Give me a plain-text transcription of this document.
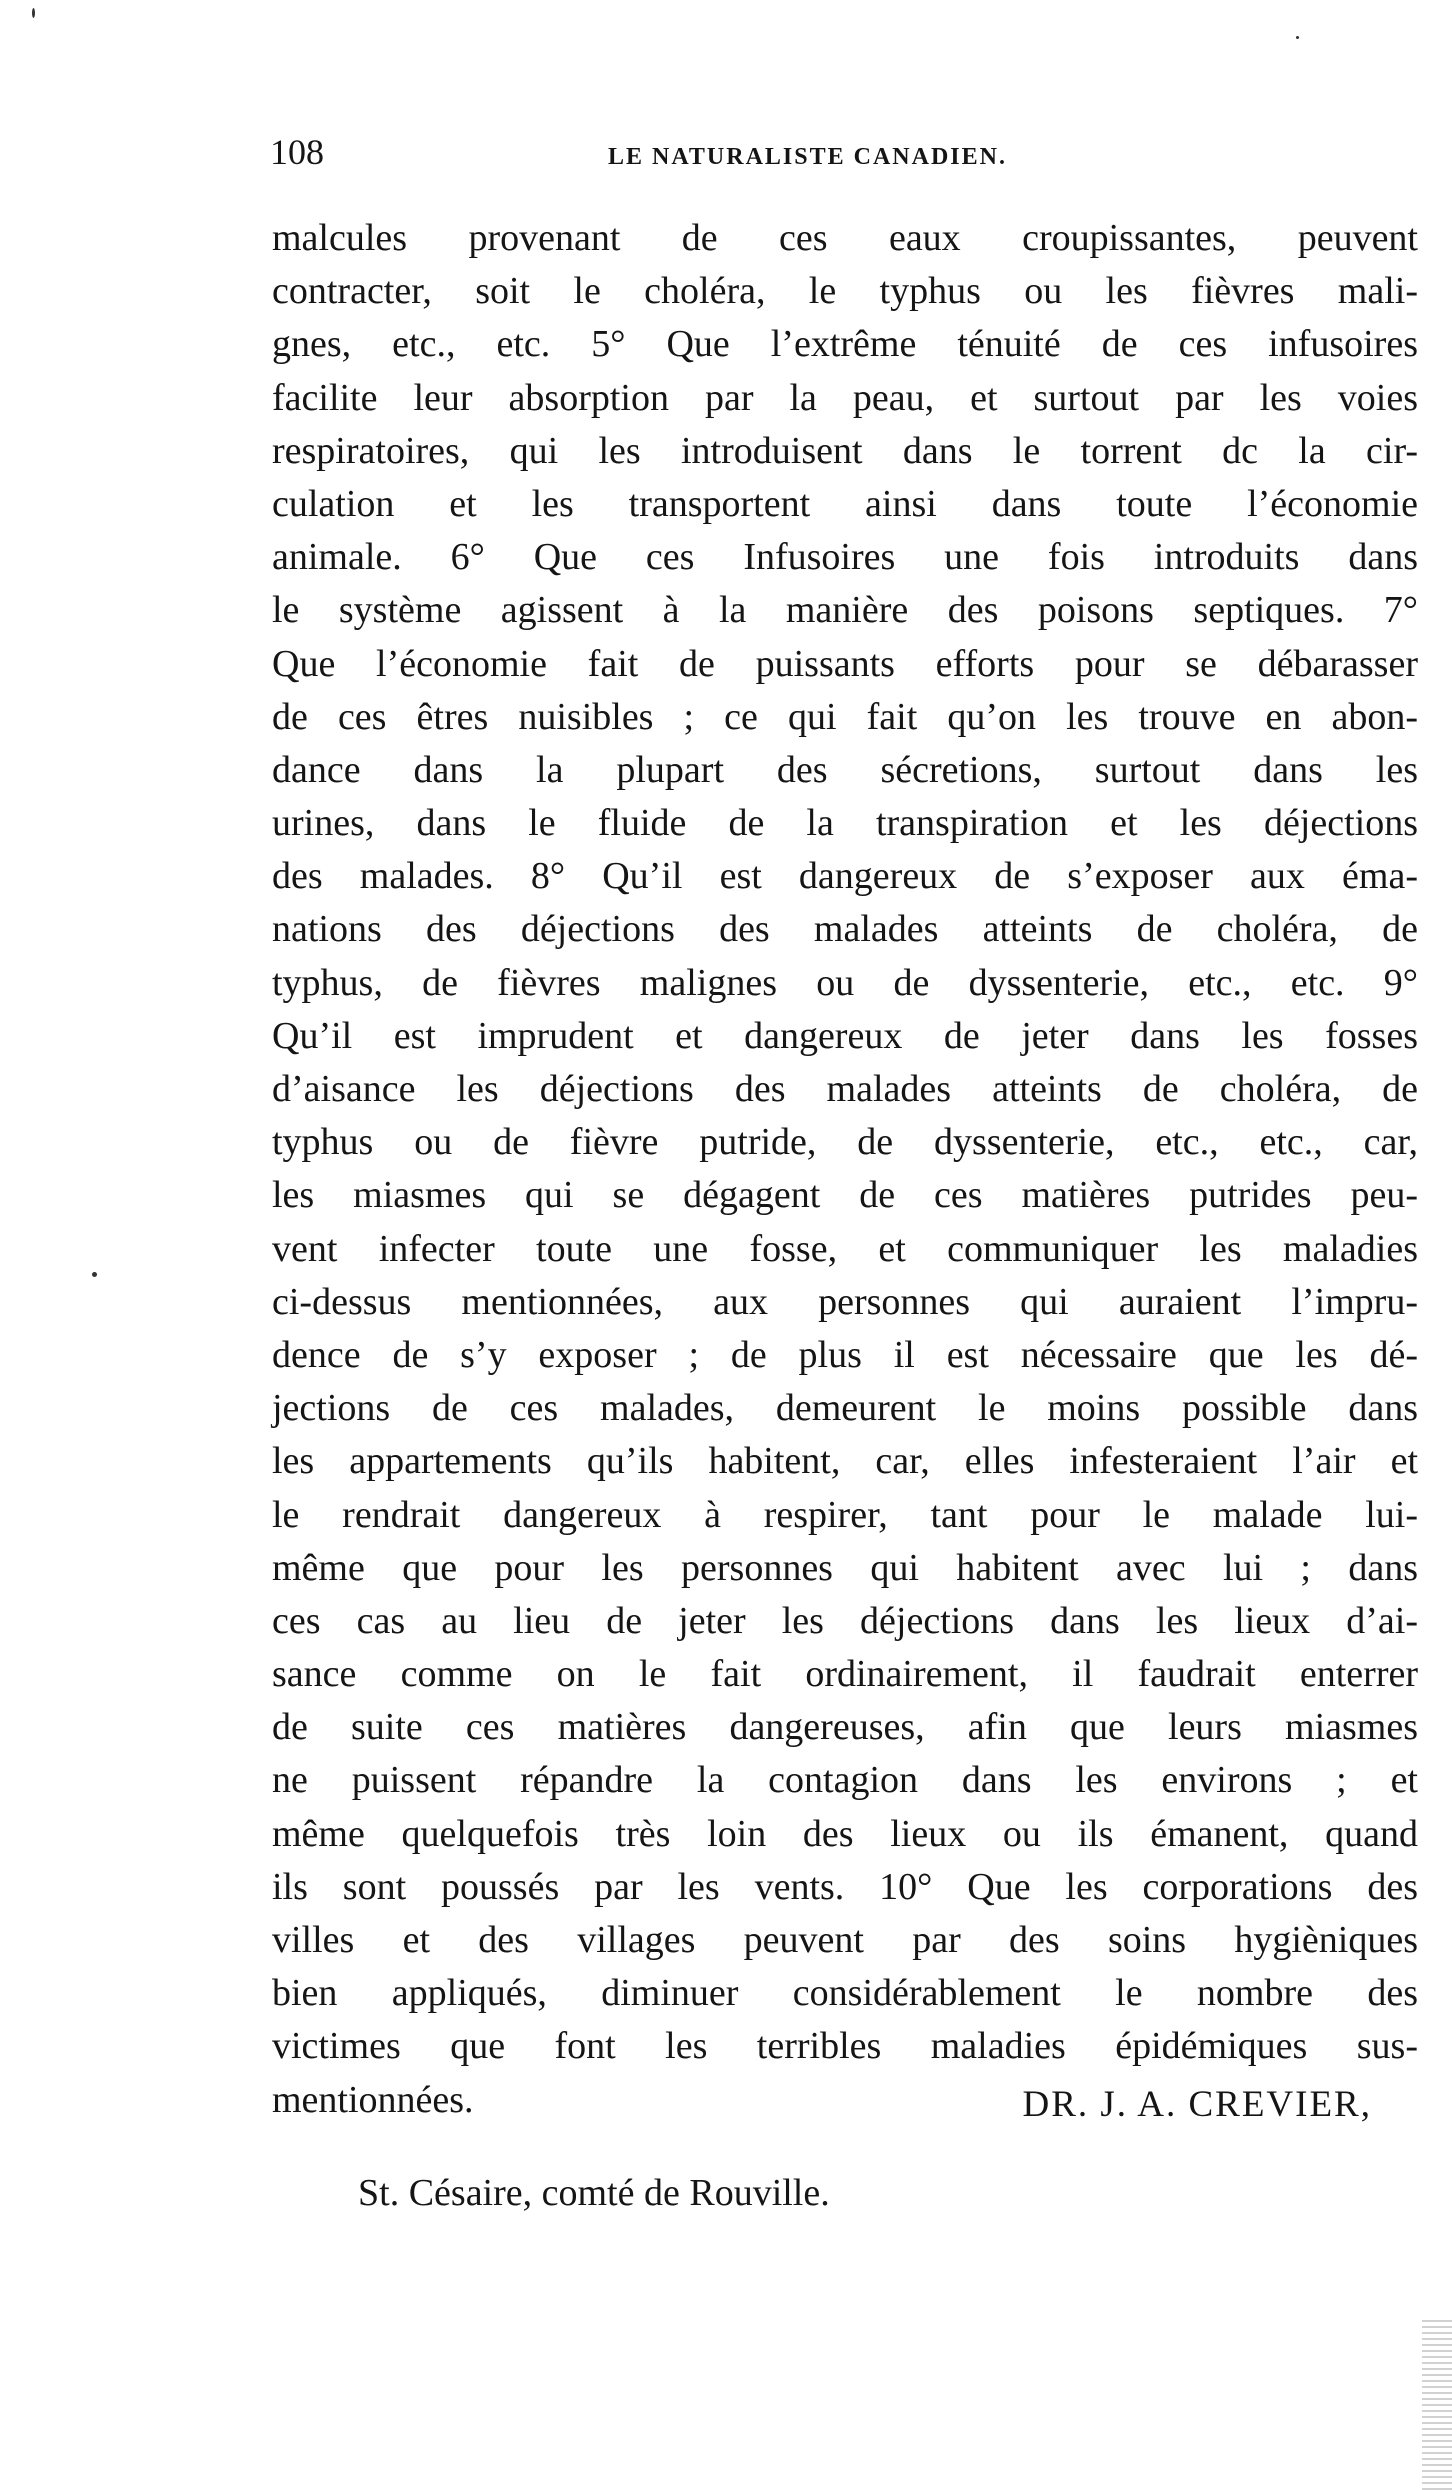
108	LE NATURALISTE CANADIEN.
malcules provenant de ces eaux croupissantes, peuvent
contracter, soit le choléra, le typhus ou les fièvres mali-
gnes, etc., etc. 5° Que l’extrême ténuité de ces infusoires
facilite leur absorption par la peau, et surtout par les voies
respiratoires, qui les introduisent dans le torrent dc la cir-
culation et les transportent ainsi dans toute l’économie
animale. 6° Que ces Infusoires une fois introduits dans
le système agissent à la manière des poisons septiques. 7°
Que l’économie fait de puissants efforts pour se débarasser
de ces êtres nuisibles ; ce qui fait qu’on les trouve en abon-
dance dans la plupart des sécretions, surtout dans les
urines, dans le fluide de la transpiration et les déjections
des malades. 8° Qu’il est dangereux de s’exposer aux éma-
nations des déjections des malades atteints de choléra, de
typhus, de fièvres malignes ou de dyssenterie, etc., etc. 9°
Qu’il est imprudent et dangereux de jeter dans les fosses
d’aisance les déjections des malades atteints de choléra, de
typhus ou de fièvre putride, de dyssenterie, etc., etc., car,
les miasmes qui se dégagent de ces matières putrides peu-
vent infecter toute une fosse, et communiquer les maladies
ci-dessus mentionnées, aux personnes qui auraient l’impru-
dence de s’y exposer ; de plus il est nécessaire que les dé-
jections de ces malades, demeurent le moins possible dans
les appartements qu’ils habitent, car, elles infesteraient l’air et
le rendrait dangereux à respirer, tant pour le malade lui-
même que pour les personnes qui habitent avec lui ; dans
ces cas au lieu de jeter les déjections dans les lieux d’ai-
sance comme on le fait ordinairement, il faudrait enterrer
de suite ces matières dangereuses, afin que leurs miasmes
ne puissent répandre la contagion dans les environs ; et
même quelquefois très loin des lieux ou ils émanent, quand
ils sont poussés par les vents. 10° Que les corporations des
villes et des villages peuvent par des soins hygièniques
bien appliqués, diminuer considérablement le nombre des
victimes que font les terribles maladies épidémiques sus-
mentionnées.	DR. J. A. CREVIER,
St. Césaire, comté de Rouville.
